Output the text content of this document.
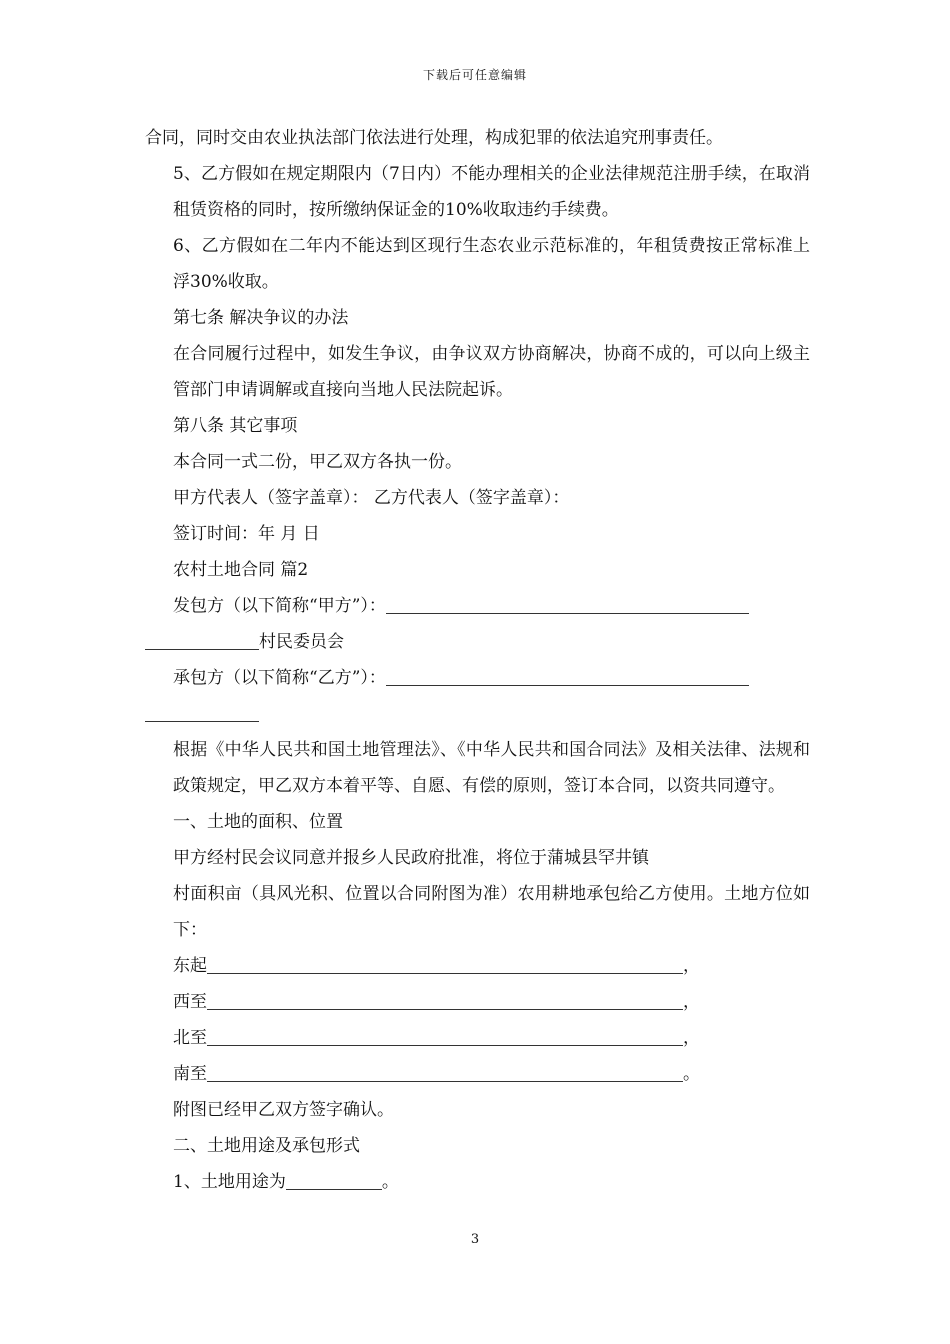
下载后可任意编辑

合同，同时交由农业执法部门依法进行处理，构成犯罪的依法追究刑事责任。

5、乙方假如在规定期限内（7日内）不能办理相关的企业法律规范注册手续，在取消租赁资格的同时，按所缴纳保证金的10%收取违约手续费。

6、乙方假如在二年内不能达到区现行生态农业示范标准的，年租赁费按正常标准上浮30%收取。

第七条 解决争议的办法

在合同履行过程中，如发生争议，由争议双方协商解决，协商不成的，可以向上级主管部门申请调解或直接向当地人民法院起诉。

第八条 其它事项

本合同一式二份，甲乙双方各执一份。

甲方代表人（签字盖章）： 乙方代表人（签字盖章）：

签订时间：年 月 日

农村土地合同 篇2

发包方（以下简称“甲方”）：

村民委员会

承包方（以下简称“乙方”）：

根据《中华人民共和国土地管理法》、《中华人民共和国合同法》及相关法律、法规和政策规定，甲乙双方本着平等、自愿、有偿的原则，签订本合同，以资共同遵守。

一、土地的面积、位置

甲方经村民会议同意并报乡人民政府批准，将位于蒲城县罕井镇

村面积亩（具风光积、位置以合同附图为准）农用耕地承包给乙方使用。土地方位如下：

东起	，

西至	，

北至	，

南至	。

附图已经甲乙双方签字确认。

二、土地用途及承包形式

1、土地用途为	。

3
